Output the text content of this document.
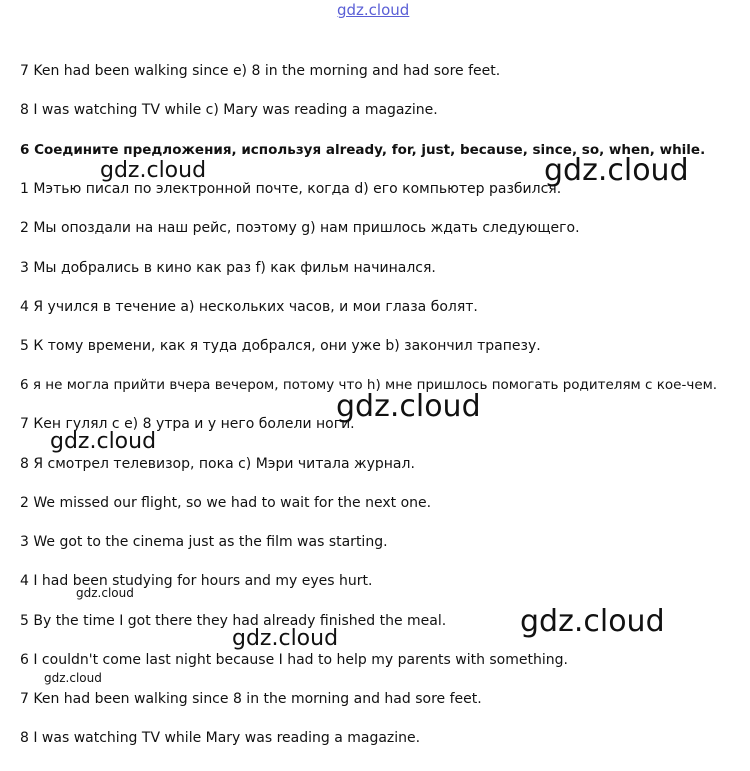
gdz.cloud
gdz.cloud
gdz.cloud
gdz.cloud
gdz.cloud
gdz.cloud
gdz.cloud
gdz.cloud
gdz.cloud

7 Ken had been walking since e) 8 in the morning and had sore feet.

8 I was watching TV while c) Mary was reading a magazine.

6 Соедините предложения, используя already, for, just, because, since, so, when, while.

1 Мэтью писал по электронной почте, когда d) его компьютер разбился.

2 Мы опоздали на наш рейс, поэтому g) нам пришлось ждать следующего.

3 Мы добрались в кино как раз f) как фильм начинался.

4 Я учился в течение a) нескольких часов, и мои глаза болят.

5 К тому времени, как я туда добрался, они уже b) закончил трапезу.

6 я не могла прийти вчера вечером, потому что h) мне пришлось помогать родителям с кое-чем.

7 Кен гулял с e) 8 утра и у него болели ноги.

8 Я смотрел телевизор, пока c) Мэри читала журнал.

2 We missed our flight, so we had to wait for the next one.

3 We got to the cinema just as the film was starting.

4 I had been studying for hours and my eyes hurt.

5 By the time I got there they had already finished the meal.

6 I couldn't come last night because I had to help my parents with something.

7 Ken had been walking since 8 in the morning and had sore feet.

8 I was watching TV while Mary was reading a magazine.
